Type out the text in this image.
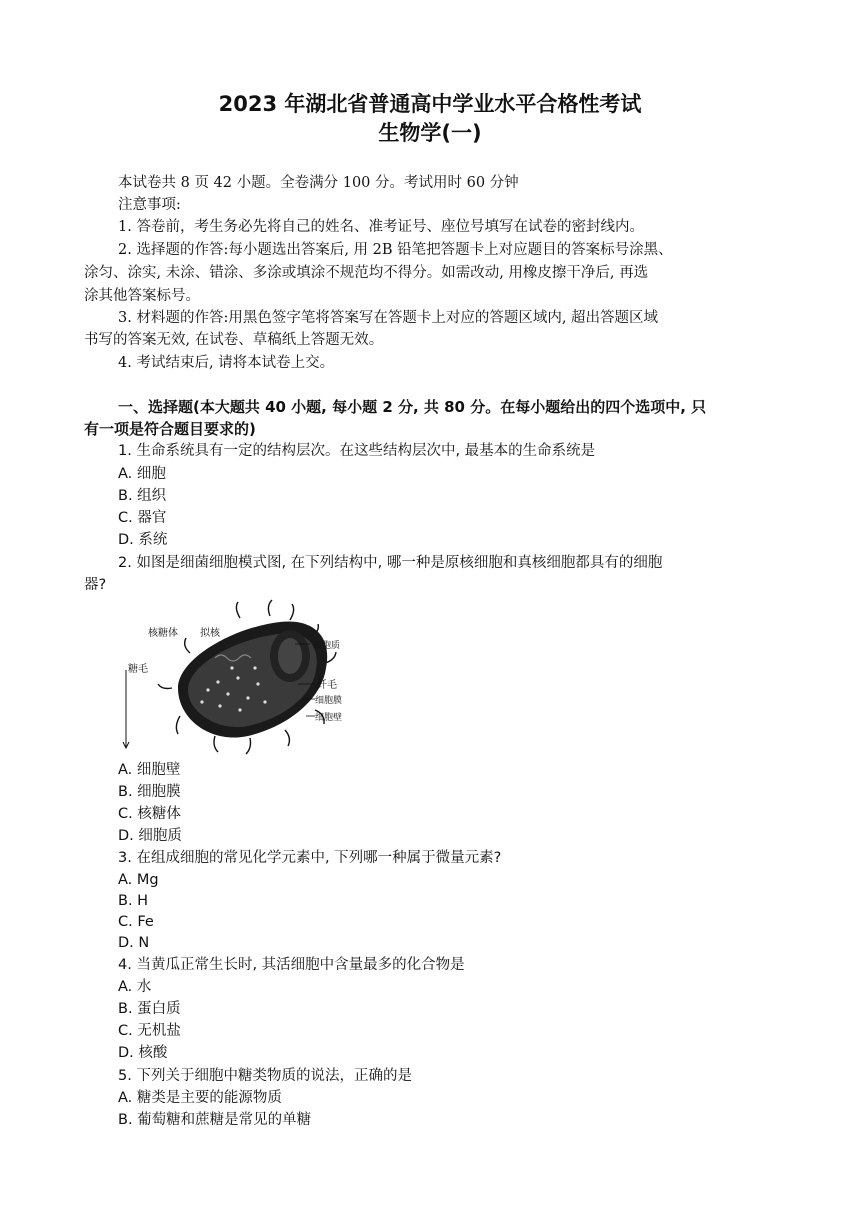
2023 年湖北省普通高中学业水平合格性考试
生物学(一)
本试卷共 8 页 42 小题。全卷满分 100 分。考试用时 60 分钟
注意事项:
1. 答卷前，考生务必先将自己的姓名、准考证号、座位号填写在试卷的密封线内。
2. 选择题的作答:每小题选出答案后, 用 2B 铅笔把答题卡上对应题目的答案标号涂黑、
涂匀、涂实, 未涂、错涂、多涂或填涂不规范均不得分。如需改动, 用橡皮擦干净后, 再选
涂其他答案标号。
3. 材料题的作答:用黑色签字笔将答案写在答题卡上对应的答题区域内, 超出答题区域
书写的答案无效, 在试卷、草稿纸上答题无效。
4. 考试结束后, 请将本试卷上交。
一、选择题(本大题共 40 小题, 每小题 2 分, 共 80 分。在每小题给出的四个选项中, 只
有一项是符合题目要求的)
1. 生命系统具有一定的结构层次。在这些结构层次中, 最基本的生命系统是
A. 细胞
B. 组织
C. 器官
D. 系统
2. 如图是细菌细胞模式图, 在下列结构中, 哪一种是原核细胞和真核细胞都具有的细胞
器?
核糖体 拟核
糖毛
细胞质
纤毛
细胞膜
细胞壁
A. 细胞壁
B. 细胞膜
C. 核糖体
D. 细胞质
3. 在组成细胞的常见化学元素中, 下列哪一种属于微量元素?
A. Mg
B. H
C. Fe
D. N
4. 当黄瓜正常生长时, 其活细胞中含量最多的化合物是
A. 水
B. 蛋白质
C. 无机盐
D. 核酸
5. 下列关于细胞中糖类物质的说法，正确的是
A. 糖类是主要的能源物质
B. 葡萄糖和蔗糖是常见的单糖
